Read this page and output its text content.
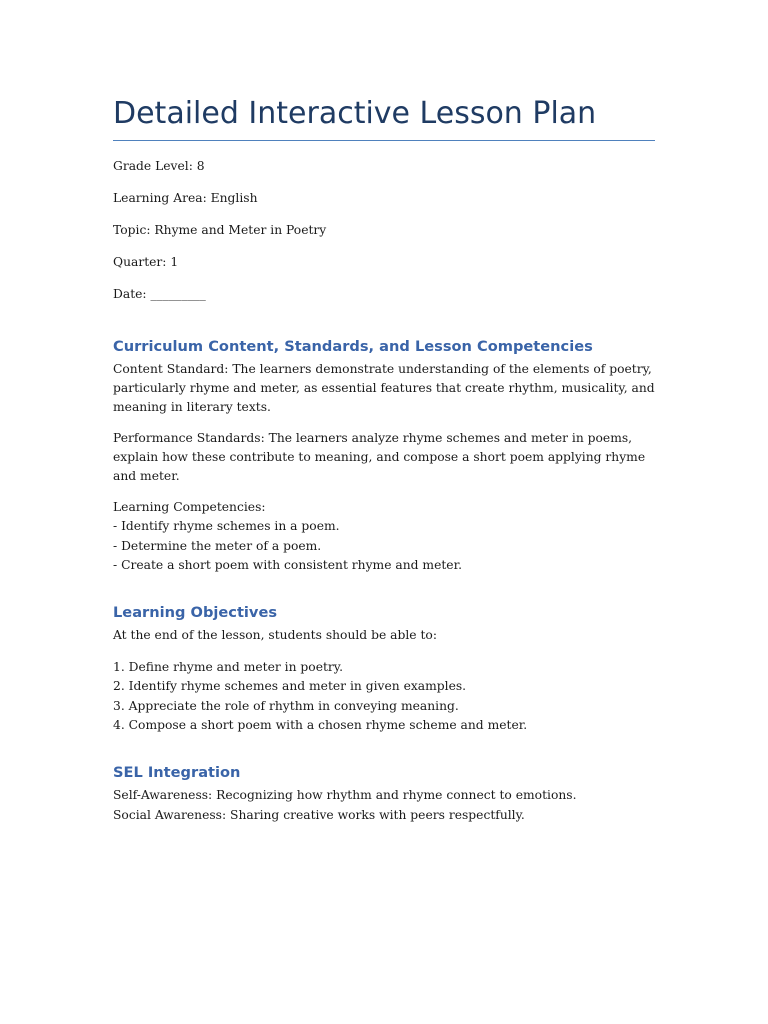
Detailed Interactive Lesson Plan

Grade Level: 8

Learning Area: English

Topic: Rhyme and Meter in Poetry

Quarter: 1

Date: _________

Curriculum Content, Standards, and Lesson Competencies

Content Standard: The learners demonstrate understanding of the elements of poetry, particularly rhyme and meter, as essential features that create rhythm, musicality, and meaning in literary texts.

Performance Standards: The learners analyze rhyme schemes and meter in poems, explain how these contribute to meaning, and compose a short poem applying rhyme and meter.

Learning Competencies:

- Identify rhyme schemes in a poem.

- Determine the meter of a poem.

- Create a short poem with consistent rhyme and meter.

Learning Objectives

At the end of the lesson, students should be able to:

1. Define rhyme and meter in poetry.

2. Identify rhyme schemes and meter in given examples.

3. Appreciate the role of rhythm in conveying meaning.

4. Compose a short poem with a chosen rhyme scheme and meter.

SEL Integration

Self-Awareness: Recognizing how rhythm and rhyme connect to emotions.

Social Awareness: Sharing creative works with peers respectfully.
